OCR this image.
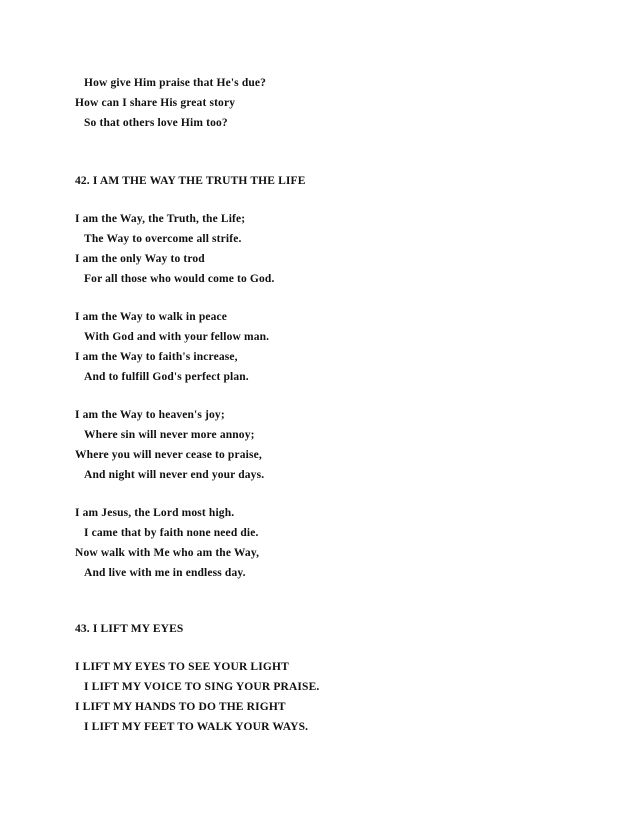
How give Him praise that He's due?
How can I share His great story
So that others love Him too?
42. I AM THE WAY THE TRUTH THE LIFE
I am the Way, the Truth, the Life;
The Way to overcome all strife.
I am the only Way to trod
For all those who would come to God.
I am the Way to walk in peace
With God and with your fellow man.
I am the Way to faith's increase,
And to fulfill God's perfect plan.
I am the Way to heaven's joy;
Where sin will never more annoy;
Where you will never cease to praise,
And night will never end your days.
I am Jesus, the Lord most high.
I came that by faith none need die.
Now walk with Me who am the Way,
And live with me in endless day.
43. I LIFT MY EYES
I LIFT MY EYES TO SEE YOUR LIGHT
I LIFT MY VOICE TO SING YOUR PRAISE.
I LIFT MY HANDS TO DO THE RIGHT
I LIFT MY FEET TO WALK YOUR WAYS.
